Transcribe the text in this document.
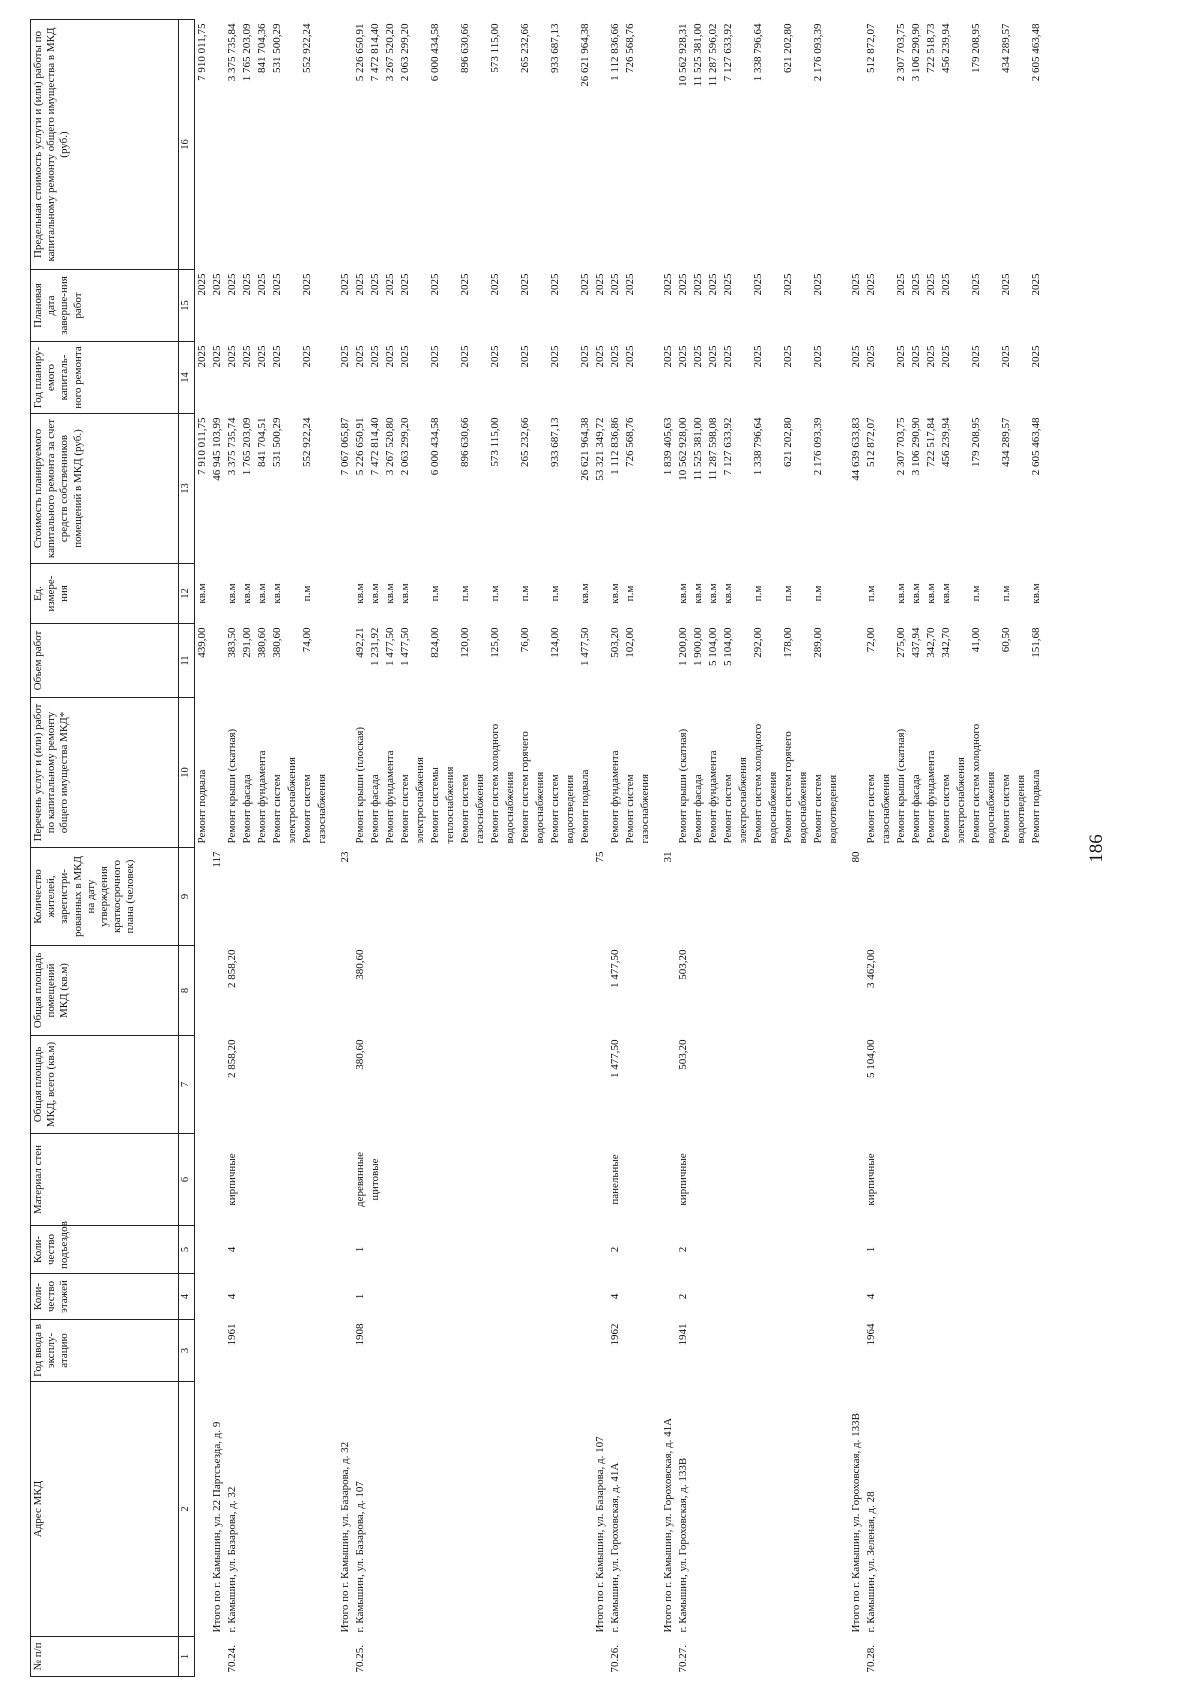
186
№ п/п	Адрес МКД	Год ввода в эксплу-атацию	Коли-чество этажей	Коли-чество подъездов	Материал стен	Общая площадь МКД, всего (кв.м)	Общая площадь помещений МКД (кв.м)	Количество жителей, зарегистри-рованных в МКД на дату утверждения краткосрочного плана (человек)	Перечень услуг и (или) работ по капитальному ремонту общего имущества МКД*	Объем работ	Ед. измере-ния	Стоимость планируемого капитального ремонта за счет средств собственников помещений в МКД (руб.)	Год планиру-емого капиталь-ного ремонта	Плановая дата заверше-ния работ	Предельная стоимость услуги и (или) работы по капитальному ремонту общего имущества в МКД (руб.)
1	2	3	4	5	6	7	8	9	10	11	12	13	14	15	16
									Ремонт подвала	439,00	кв.м	7 910 011,75	2025	2025	7 910 011,75
	Итого по г. Камышин, ул. 22 Партсъезда, д. 9							117				46 945 103,99	2025	2025	
70.24.	г. Камышин, ул. Базарова, д. 32	1961	4	4	кирпичные	2 858,20	2 858,20		Ремонт крыши (скатная)	383,50	кв.м	3 375 735,74	2025	2025	3 375 735,84
									Ремонт фасада	291,00	кв.м	1 765 203,09	2025	2025	1 765 203,09
									Ремонт фундамента	380,60	кв.м	841 704,51	2025	2025	841 704,36
									Ремонт систем	380,60	кв.м	531 500,29	2025	2025	531 500,29
									электроснабжения						
									Ремонт систем	74,00	п.м	552 922,24	2025	2025	552 922,24
									газоснабжения						

	Итого по г. Камышин, ул. Базарова, д. 32							23				7 067 065,87	2025	2025	
70.25.	г. Камышин, ул. Базарова, д. 107	1908	1	1	деревянные	380,60	380,60		Ремонт крыши (плоская)	492,21	кв.м	5 226 650,91	2025	2025	5 226 650,91
					щитовые				Ремонт фасада	1 231,92	кв.м	7 472 814,40	2025	2025	7 472 814,40
									Ремонт фундамента	1 477,50	кв.м	3 267 520,80	2025	2025	3 267 520,20
									Ремонт систем	1 477,50	кв.м	2 063 299,20	2025	2025	2 063 299,20
									электроснабжения						
									Ремонт системы	824,00	п.м	6 000 434,58	2025	2025	6 000 434,58
									теплоснабжения						
									Ремонт систем	120,00	п.м	896 630,66	2025	2025	896 630,66
									газоснабжения						
									Ремонт систем холодного	125,00	п.м	573 115,00	2025	2025	573 115,00
									водоснабжения						
									Ремонт систем горячего	76,00	п.м	265 232,66	2025	2025	265 232,66
									водоснабжения						
									Ремонт систем	124,00	п.м	933 687,13	2025	2025	933 687,13
									водоотведения						
									Ремонт подвала	1 477,50	кв.м	26 621 964,38	2025	2025	26 621 964,38
	Итого по г. Камышин, ул. Базарова, д. 107							75				53 321 349,72	2025	2025	
70.26.	г. Камышин, ул. Гороховская, д. 41А	1962	4	2	панельные	1 477,50	1 477,50		Ремонт фундамента	503,20	кв.м	1 112 836,86	2025	2025	1 112 836,66
									Ремонт систем	102,00	п.м	726 568,76	2025	2025	726 568,76
									газоснабжения						

	Итого по г. Камышин, ул. Гороховская, д. 41А							31				1 839 405,63	2025	2025	
70.27.	г. Камышин, ул. Гороховская, д. 133В	1941	2	2	кирпичные	503,20	503,20		Ремонт крыши (скатная)	1 200,00	кв.м	10 562 928,00	2025	2025	10 562 928,31
									Ремонт фасада	1 900,00	кв.м	11 525 381,00	2025	2025	11 525 381,00
									Ремонт фундамента	5 104,00	кв.м	11 287 598,08	2025	2025	11 287 596,02
									Ремонт систем	5 104,00	кв.м	7 127 633,92	2025	2025	7 127 633,92
									электроснабжения						
									Ремонт систем холодного	292,00	п.м	1 338 796,64	2025	2025	1 338 796,64
									водоснабжения						
									Ремонт систем горячего	178,00	п.м	621 202,80	2025	2025	621 202,80
									водоснабжения						
									Ремонт систем	289,00	п.м	2 176 093,39	2025	2025	2 176 093,39
									водоотведения						

	Итого по г. Камышин, ул. Гороховская, д. 133В							80				44 639 633,83	2025	2025	
70.28.	г. Камышин, ул. Зеленая, д. 28	1964	4	1	кирпичные	5 104,00	3 462,00		Ремонт систем	72,00	п.м	512 872,07	2025	2025	512 872,07
									газоснабжения						
									Ремонт крыши (скатная)	275,00	кв.м	2 307 703,75	2025	2025	2 307 703,75
									Ремонт фасада	437,94	кв.м	3 106 290,90	2025	2025	3 106 290,90
									Ремонт фундамента	342,70	кв.м	722 517,84	2025	2025	722 518,73
									Ремонт систем	342,70	кв.м	456 239,94	2025	2025	456 239,94
									электроснабжения						
									Ремонт систем холодного	41,00	п.м	179 208,95	2025	2025	179 208,95
									водоснабжения						
									Ремонт систем	60,50	п.м	434 289,57	2025	2025	434 289,57
									водоотведения						
									Ремонт подвала	151,68	кв.м	2 605 463,48	2025	2025	2 605 463,48
